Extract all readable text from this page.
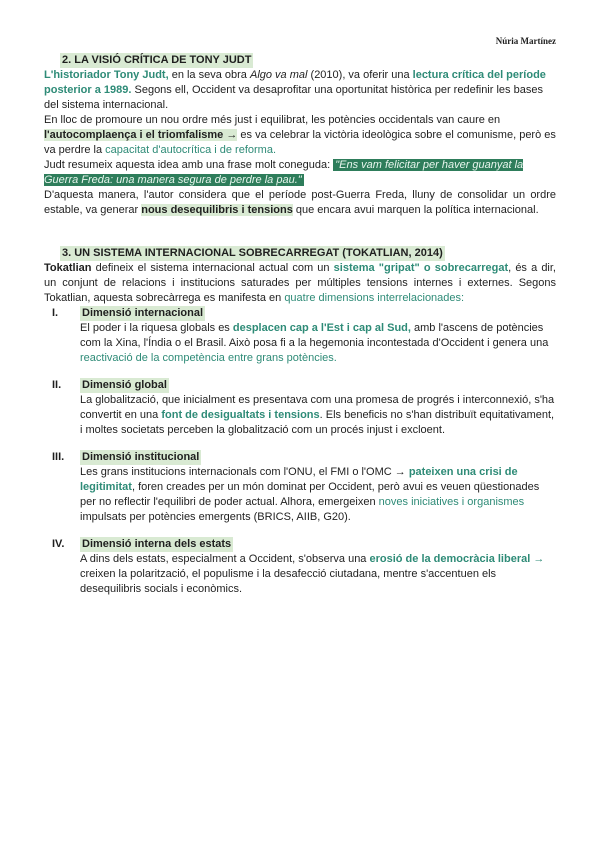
Núria Martínez
2. LA VISIÓ CRÍTICA DE TONY JUDT
L'historiador Tony Judt, en la seva obra Algo va mal (2010), va oferir una lectura crítica del període posterior a 1989. Segons ell, Occident va desaprofitar una oportunitat històrica per redefinir les bases del sistema internacional.
En lloc de promoure un nou ordre més just i equilibrat, les potències occidentals van caure en l'autocomplaença i el triomfalisme → es va celebrar la victòria ideològica sobre el comunisme, però es va perdre la capacitat d'autocrítica i de reforma.
Judt resumeix aquesta idea amb una frase molt coneguda: "Ens vam felicitar per haver guanyat la Guerra Freda: una manera segura de perdre la pau."
D'aquesta manera, l'autor considera que el període post-Guerra Freda, lluny de consolidar un ordre estable, va generar nous desequilibris i tensions que encara avui marquen la política internacional.
3. UN SISTEMA INTERNACIONAL SOBRECARREGAT (TOKATLIAN, 2014)
Tokatlian defineix el sistema internacional actual com un sistema "gripat" o sobrecarregat, és a dir, un conjunt de relacions i institucions saturades per múltiples tensions internes i externes. Segons Tokatlian, aquesta sobrecàrrega es manifesta en quatre dimensions interrelacionades:
I.	Dimensió internacional
El poder i la riquesa globals es desplacen cap a l'Est i cap al Sud, amb l'ascens de potències com la Xina, l'Índia o el Brasil. Això posa fi a la hegemonia incontestada d'Occident i genera una reactivació de la competència entre grans potències.
II.	Dimensió global
La globalització, que inicialment es presentava com una promesa de progrés i interconnexió, s'ha convertit en una font de desigualtats i tensions. Els beneficis no s'han distribuït equitativament, i moltes societats perceben la globalització com un procés injust i excloent.
III.	Dimensió institucional
Les grans institucions internacionals com l'ONU, el FMI o l'OMC → pateixen una crisi de legitimitat, foren creades per un món dominat per Occident, però avui es veuen qüestionades per no reflectir l'equilibri de poder actual. Alhora, emergeixen noves iniciatives i organismes impulsats per potències emergents (BRICS, AIIB, G20).
IV.	Dimensió interna dels estats
A dins dels estats, especialment a Occident, s'observa una erosió de la democràcia liberal → creixen la polarització, el populisme i la desafecció ciutadana, mentre s'accentuen els desequilibris socials i econòmics.
